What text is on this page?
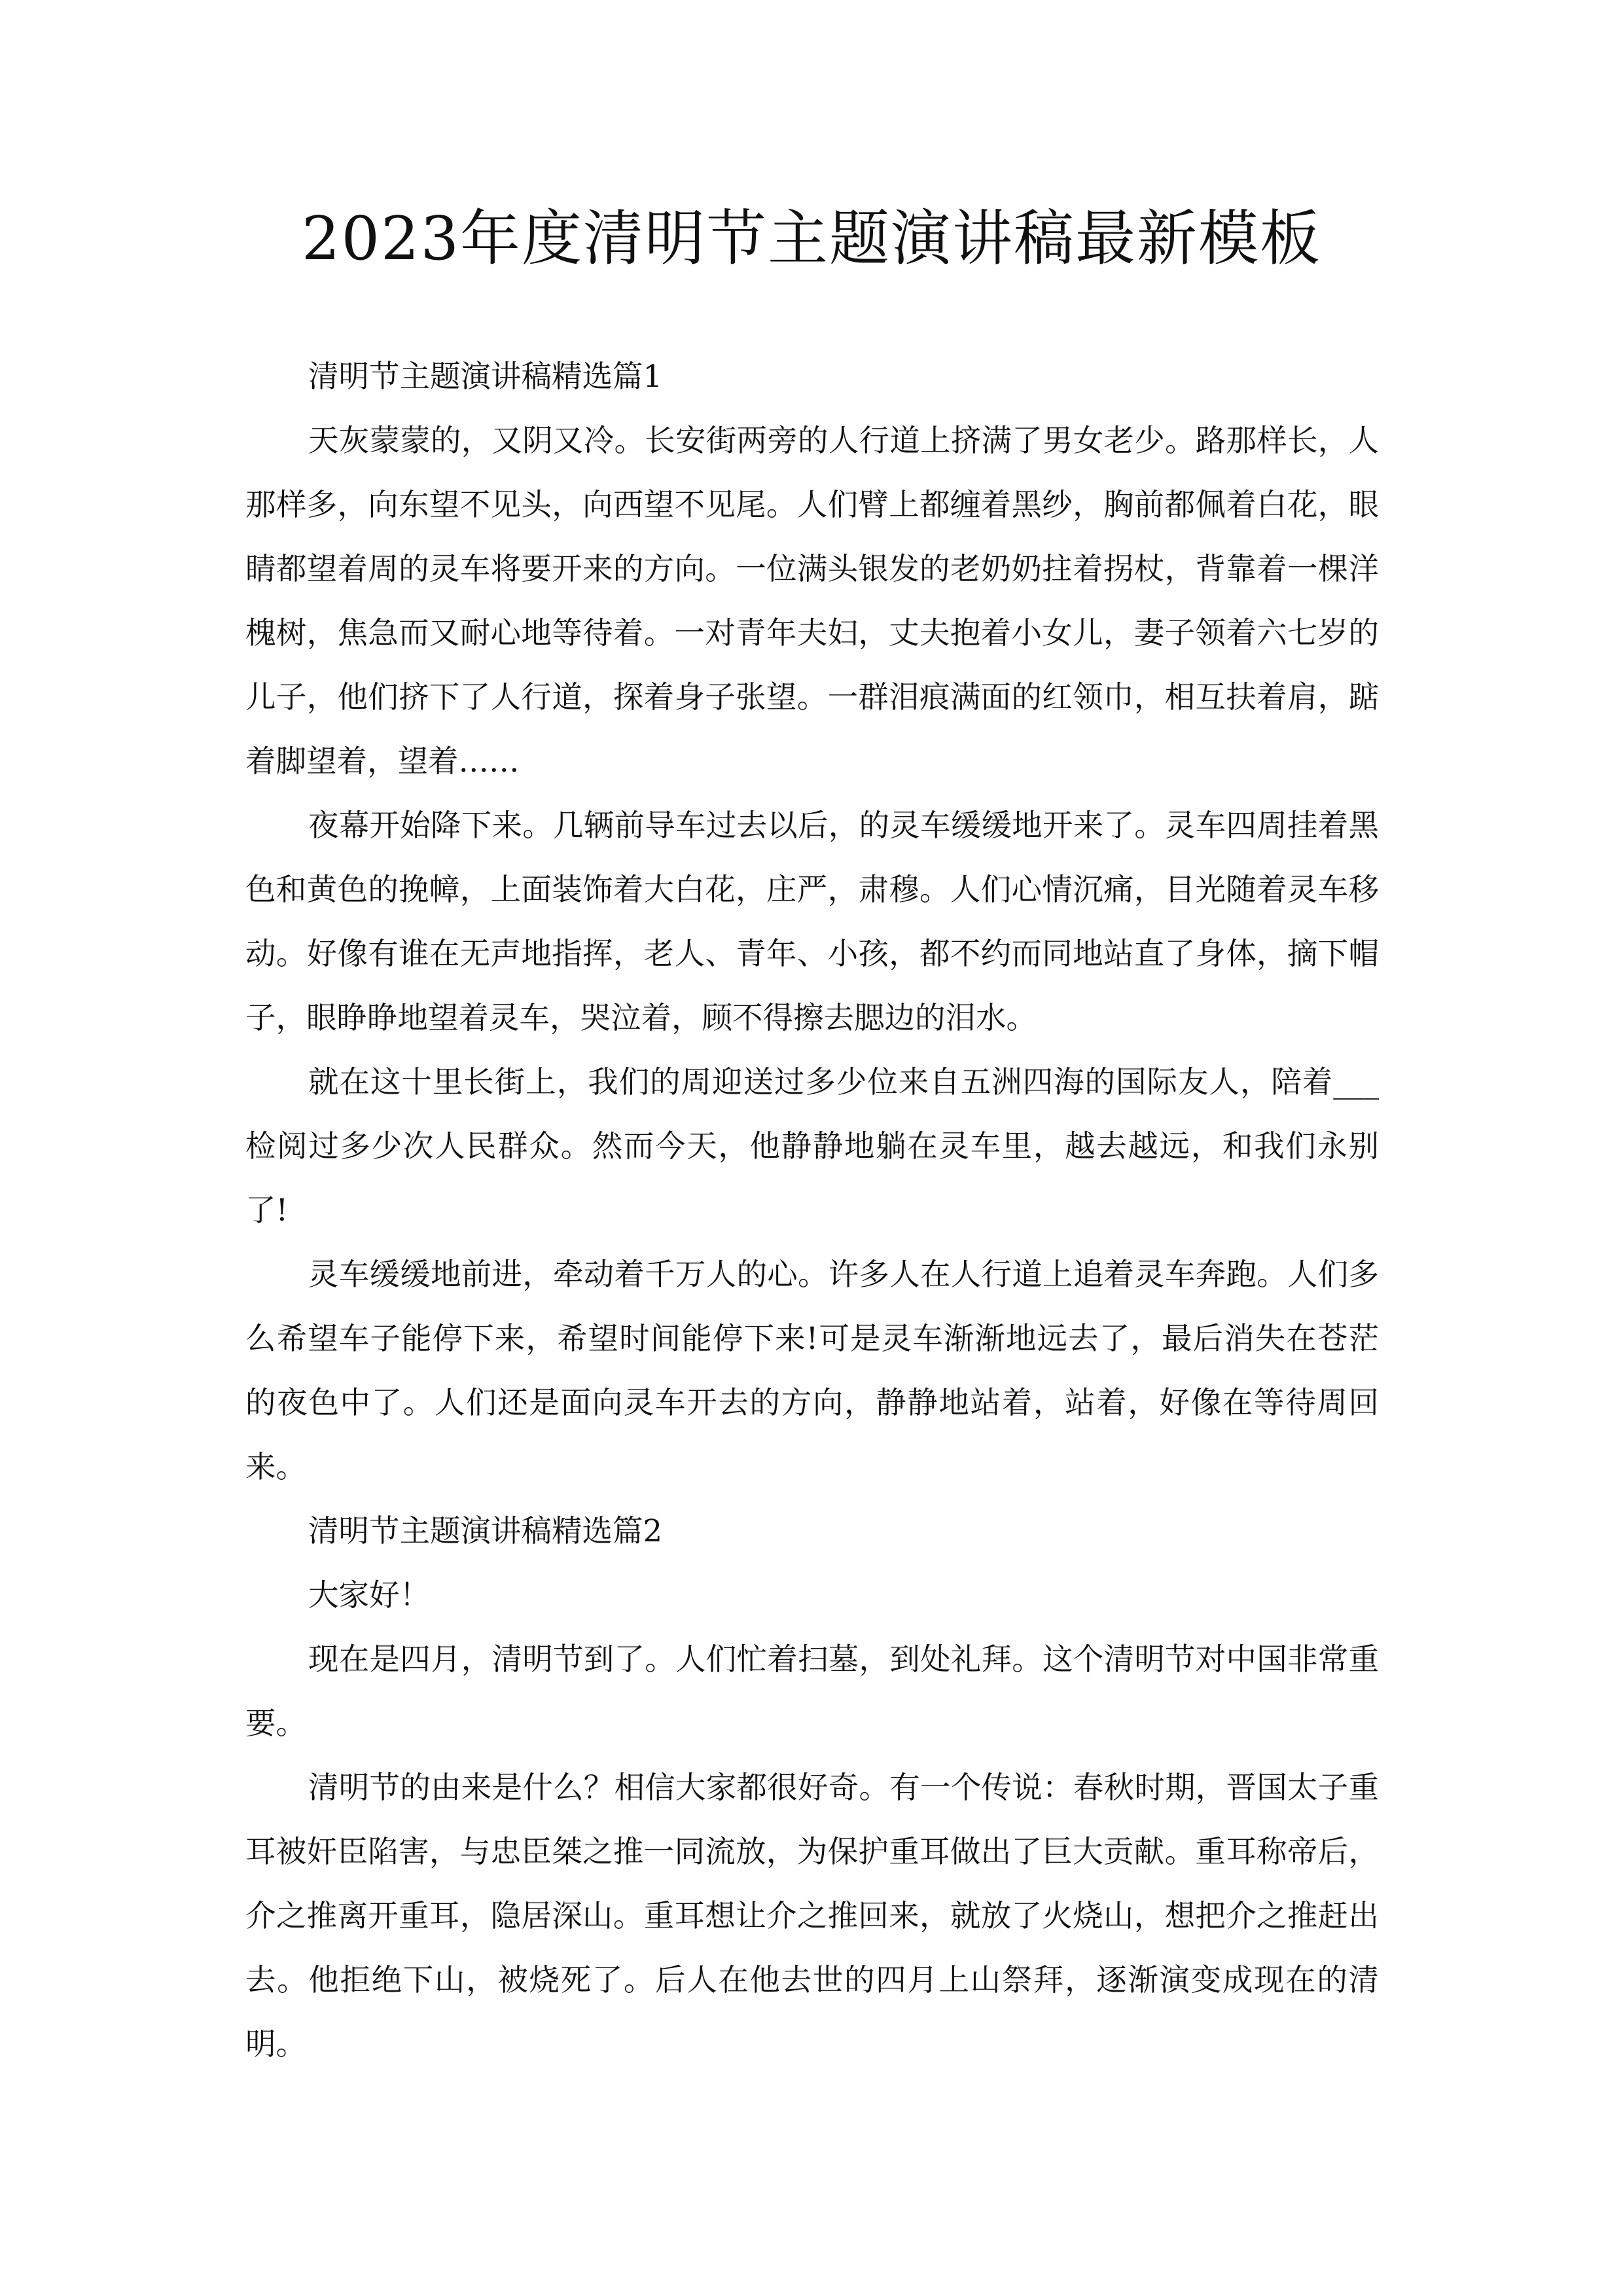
2023年度清明节主题演讲稿最新模板

清明节主题演讲稿精选篇1

天灰蒙蒙的，又阴又冷。长安街两旁的人行道上挤满了男女老少。路那样长，人那样多，向东望不见头，向西望不见尾。人们臂上都缠着黑纱，胸前都佩着白花，眼睛都望着周的灵车将要开来的方向。一位满头银发的老奶奶拄着拐杖，背靠着一棵洋槐树，焦急而又耐心地等待着。一对青年夫妇，丈夫抱着小女儿，妻子领着六七岁的儿子，他们挤下了人行道，探着身子张望。一群泪痕满面的红领巾，相互扶着肩，踮着脚望着，望着……

夜幕开始降下来。几辆前导车过去以后，的灵车缓缓地开来了。灵车四周挂着黑色和黄色的挽幛，上面装饰着大白花，庄严，肃穆。人们心情沉痛，目光随着灵车移动。好像有谁在无声地指挥，老人、青年、小孩，都不约而同地站直了身体，摘下帽子，眼睁睁地望着灵车，哭泣着，顾不得擦去腮边的泪水。

就在这十里长街上，我们的周迎送过多少位来自五洲四海的国际友人，陪着___检阅过多少次人民群众。然而今天，他静静地躺在灵车里，越去越远，和我们永别了!

灵车缓缓地前进，牵动着千万人的心。许多人在人行道上追着灵车奔跑。人们多么希望车子能停下来，希望时间能停下来!可是灵车渐渐地远去了，最后消失在苍茫的夜色中了。人们还是面向灵车开去的方向，静静地站着，站着，好像在等待周回来。

清明节主题演讲稿精选篇2

大家好！

现在是四月，清明节到了。人们忙着扫墓，到处礼拜。这个清明节对中国非常重要。

清明节的由来是什么？相信大家都很好奇。有一个传说：春秋时期，晋国太子重耳被奸臣陷害，与忠臣桀之推一同流放，为保护重耳做出了巨大贡献。重耳称帝后，介之推离开重耳，隐居深山。重耳想让介之推回来，就放了火烧山，想把介之推赶出去。他拒绝下山，被烧死了。后人在他去世的四月上山祭拜，逐渐演变成现在的清明。
